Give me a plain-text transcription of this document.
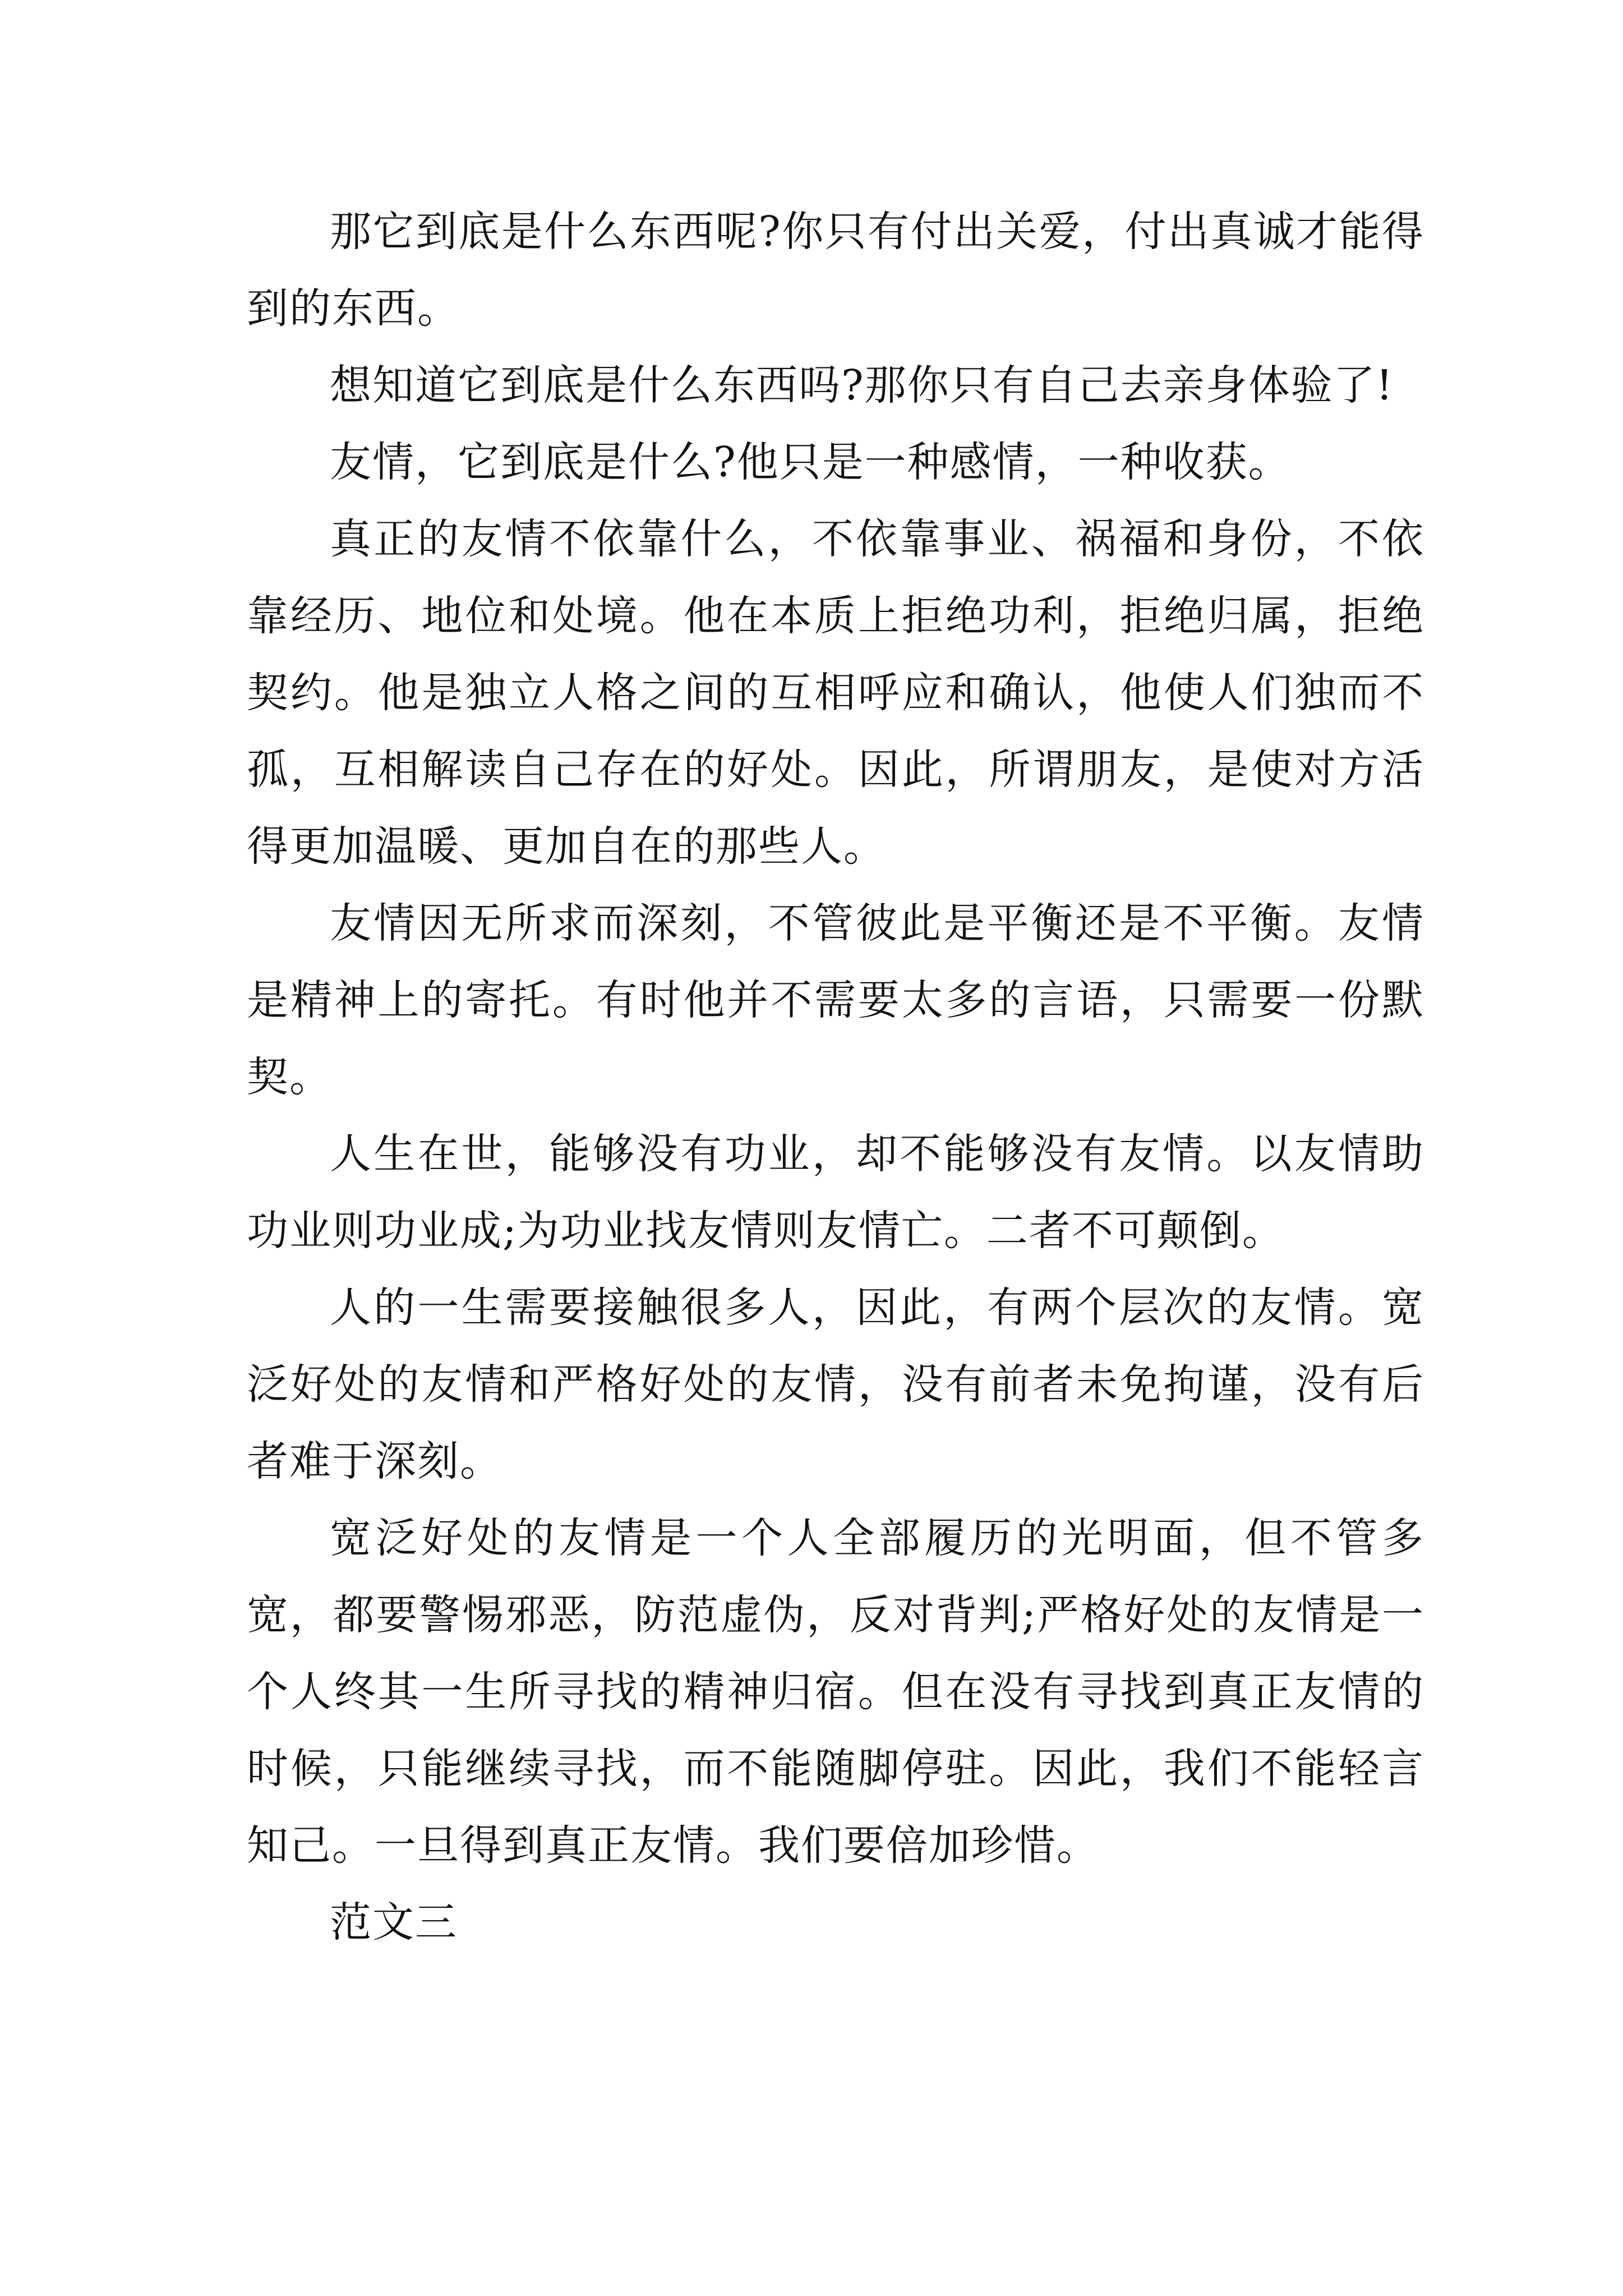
那它到底是什么东西呢?你只有付出关爱，付出真诚才能得到的东西。

想知道它到底是什么东西吗?那你只有自己去亲身体验了!

友情，它到底是什么?他只是一种感情，一种收获。

真正的友情不依靠什么，不依靠事业、祸福和身份，不依靠经历、地位和处境。他在本质上拒绝功利，拒绝归属，拒绝契约。他是独立人格之间的互相呼应和确认，他使人们独而不孤，互相解读自己存在的好处。因此，所谓朋友，是使对方活得更加温暖、更加自在的那些人。

友情因无所求而深刻，不管彼此是平衡还是不平衡。友情是精神上的寄托。有时他并不需要太多的言语，只需要一份默契。

人生在世，能够没有功业，却不能够没有友情。以友情助功业则功业成;为功业找友情则友情亡。二者不可颠倒。

人的一生需要接触很多人，因此，有两个层次的友情。宽泛好处的友情和严格好处的友情，没有前者未免拘谨，没有后者难于深刻。

宽泛好处的友情是一个人全部履历的光明面，但不管多宽，都要警惕邪恶，防范虚伪，反对背判;严格好处的友情是一个人终其一生所寻找的精神归宿。但在没有寻找到真正友情的时候，只能继续寻找，而不能随脚停驻。因此，我们不能轻言知己。一旦得到真正友情。我们要倍加珍惜。

范文三
